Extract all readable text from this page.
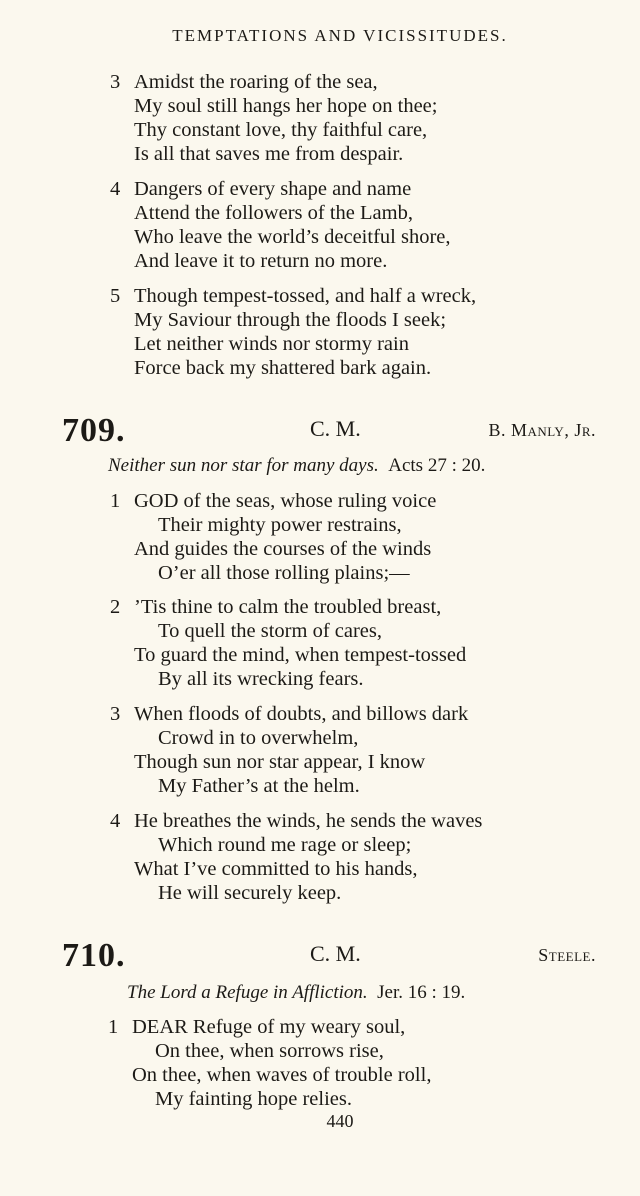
TEMPTATIONS AND VICISSITUDES.
3 Amidst the roaring of the sea,
My soul still hangs her hope on thee;
Thy constant love, thy faithful care,
Is all that saves me from despair.
4 Dangers of every shape and name
Attend the followers of the Lamb,
Who leave the world’s deceitful shore,
And leave it to return no more.
5 Though tempest-tossed, and half a wreck,
My Saviour through the floods I seek;
Let neither winds nor stormy rain
Force back my shattered bark again.
709.	C. M.	B. Manly, Jr.
Neither sun nor star for many days. Acts 27 : 20.
1 GOD of the seas, whose ruling voice
Their mighty power restrains,
And guides the courses of the winds
O’er all those rolling plains;—
2 ’Tis thine to calm the troubled breast,
To quell the storm of cares,
To guard the mind, when tempest-tossed
By all its wrecking fears.
3 When floods of doubts, and billows dark
Crowd in to overwhelm,
Though sun nor star appear, I know
My Father’s at the helm.
4 He breathes the winds, he sends the waves
Which round me rage or sleep;
What I’ve committed to his hands,
He will securely keep.
710.	C. M.	Steele.
The Lord a Refuge in Affliction. Jer. 16 : 19.
1 DEAR Refuge of my weary soul,
On thee, when sorrows rise,
On thee, when waves of trouble roll,
My fainting hope relies.
440
